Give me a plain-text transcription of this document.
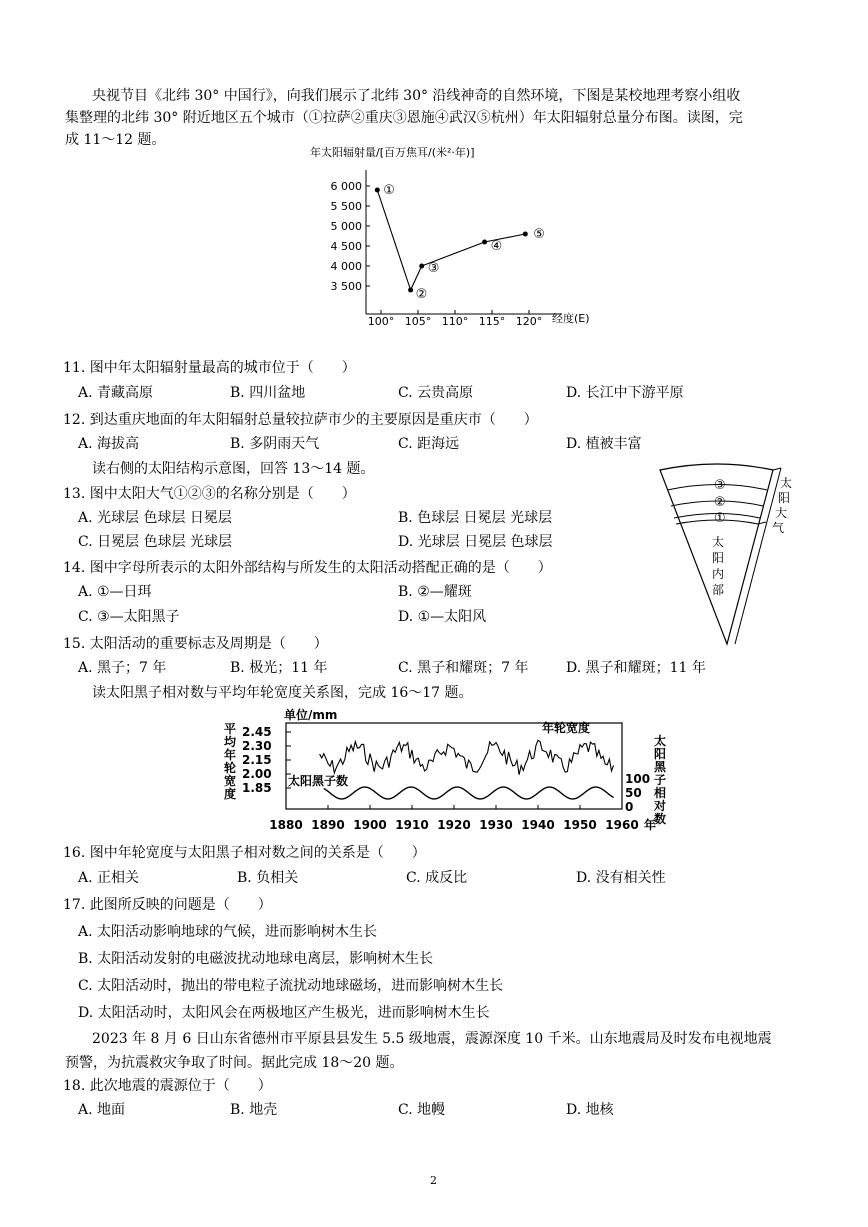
央视节目《北纬 30° 中国行》，向我们展示了北纬 30° 沿线神奇的自然环境，下图是某校地理考察小组收
集整理的北纬 30° 附近地区五个城市（①拉萨②重庆③恩施④武汉⑤杭州）年太阳辐射总量分布图。读图，完
成 11～12 题。
年太阳辐射量/[百万焦耳/(米²·年)]
6 000
5 500
5 000
4 500
4 000
3 500
100° 105° 110° 115° 120°
①
②
③
④
⑤
经度(E)
11. 图中年太阳辐射量最高的城市位于（　　）
A. 青藏高原	B. 四川盆地	C. 云贵高原	D. 长江中下游平原
12. 到达重庆地面的年太阳辐射总量较拉萨市少的主要原因是重庆市（　　）
A. 海拔高	B. 多阴雨天气	C. 距海远	D. 植被丰富
读右侧的太阳结构示意图，回答 13～14 题。
13. 图中太阳大气①②③的名称分别是（　　）
A. 光球层 色球层 日冕层	B. 色球层 日冕层 光球层
C. 日冕层 色球层 光球层	D. 光球层 日冕层 色球层
14. 图中字母所表示的太阳外部结构与所发生的太阳活动搭配正确的是（　　）
A. ①—日珥	B. ②—耀斑
C. ③—太阳黑子	D. ①—太阳风
③
②
①
太
阳
大
气
太
阳
内
部
15. 太阳活动的重要标志及周期是（　　）
A. 黑子；7 年	B. 极光；11 年	C. 黑子和耀斑；7 年	D. 黑子和耀斑；11 年
读太阳黑子相对数与平均年轮宽度关系图，完成 16～17 题。
单位/mm
平
均
年
轮
宽
度
2.45
2.30
2.15
2.00
1.85
太
阳
黑
子
相
对
数
100
50
0
年轮宽度
太阳黑子数
1880 1890 1900 1910 1920 1930 1940 1950 1960 年
16. 图中年轮宽度与太阳黑子相对数之间的关系是（　　）
A. 正相关	B. 负相关	C. 成反比	D. 没有相关性
17. 此图所反映的问题是（　　）
A. 太阳活动影响地球的气候，进而影响树木生长
B. 太阳活动发射的电磁波扰动地球电离层，影响树木生长
C. 太阳活动时，抛出的带电粒子流扰动地球磁场，进而影响树木生长
D. 太阳活动时，太阳风会在两极地区产生极光，进而影响树木生长
2023 年 8 月 6 日山东省德州市平原县县发生 5.5 级地震，震源深度 10 千米。山东地震局及时发布电视地震
预警，为抗震救灾争取了时间。据此完成 18～20 题。
18. 此次地震的震源位于（　　）
A. 地面	B. 地壳	C. 地幔	D. 地核
2
